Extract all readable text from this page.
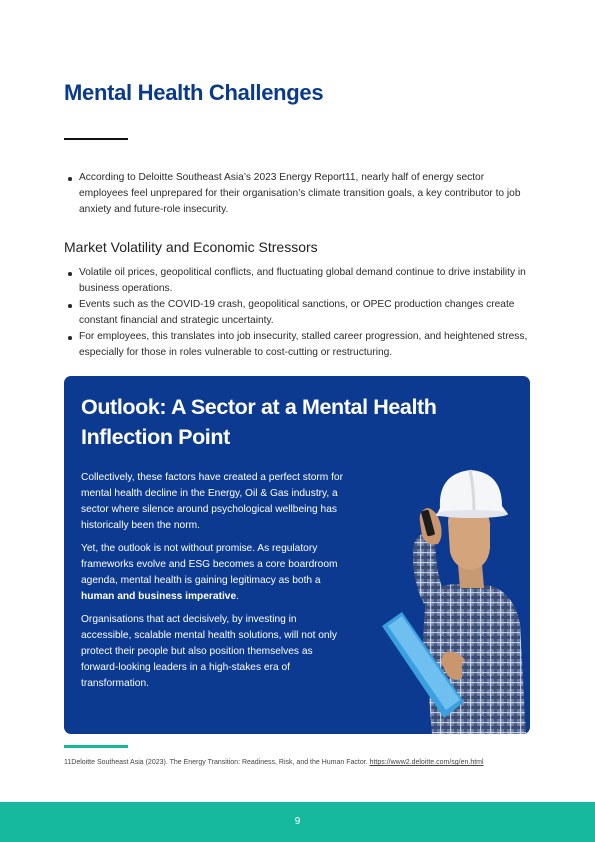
Mental Health Challenges
According to Deloitte Southeast Asia’s 2023 Energy Report11, nearly half of energy sector employees feel unprepared for their organisation’s climate transition goals, a key contributor to job anxiety and future-role insecurity.
Market Volatility and Economic Stressors
Volatile oil prices, geopolitical conflicts, and fluctuating global demand continue to drive instability in business operations.
Events such as the COVID-19 crash, geopolitical sanctions, or OPEC production changes create constant financial and strategic uncertainty.
For employees, this translates into job insecurity, stalled career progression, and heightened stress, especially for those in roles vulnerable to cost-cutting or restructuring.
Outlook: A Sector at a Mental Health Inflection Point

Collectively, these factors have created a perfect storm for mental health decline in the Energy, Oil & Gas industry, a sector where silence around psychological wellbeing has historically been the norm.

Yet, the outlook is not without promise. As regulatory frameworks evolve and ESG becomes a core boardroom agenda, mental health is gaining legitimacy as both a human and business imperative.

Organisations that act decisively, by investing in accessible, scalable mental health solutions, will not only protect their people but also position themselves as forward-looking leaders in a high-stakes era of transformation.

11Deloitte Southeast Asia (2023). The Energy Transition: Readiness, Risk, and the Human Factor. https://www2.deloitte.com/sg/en.html

9
